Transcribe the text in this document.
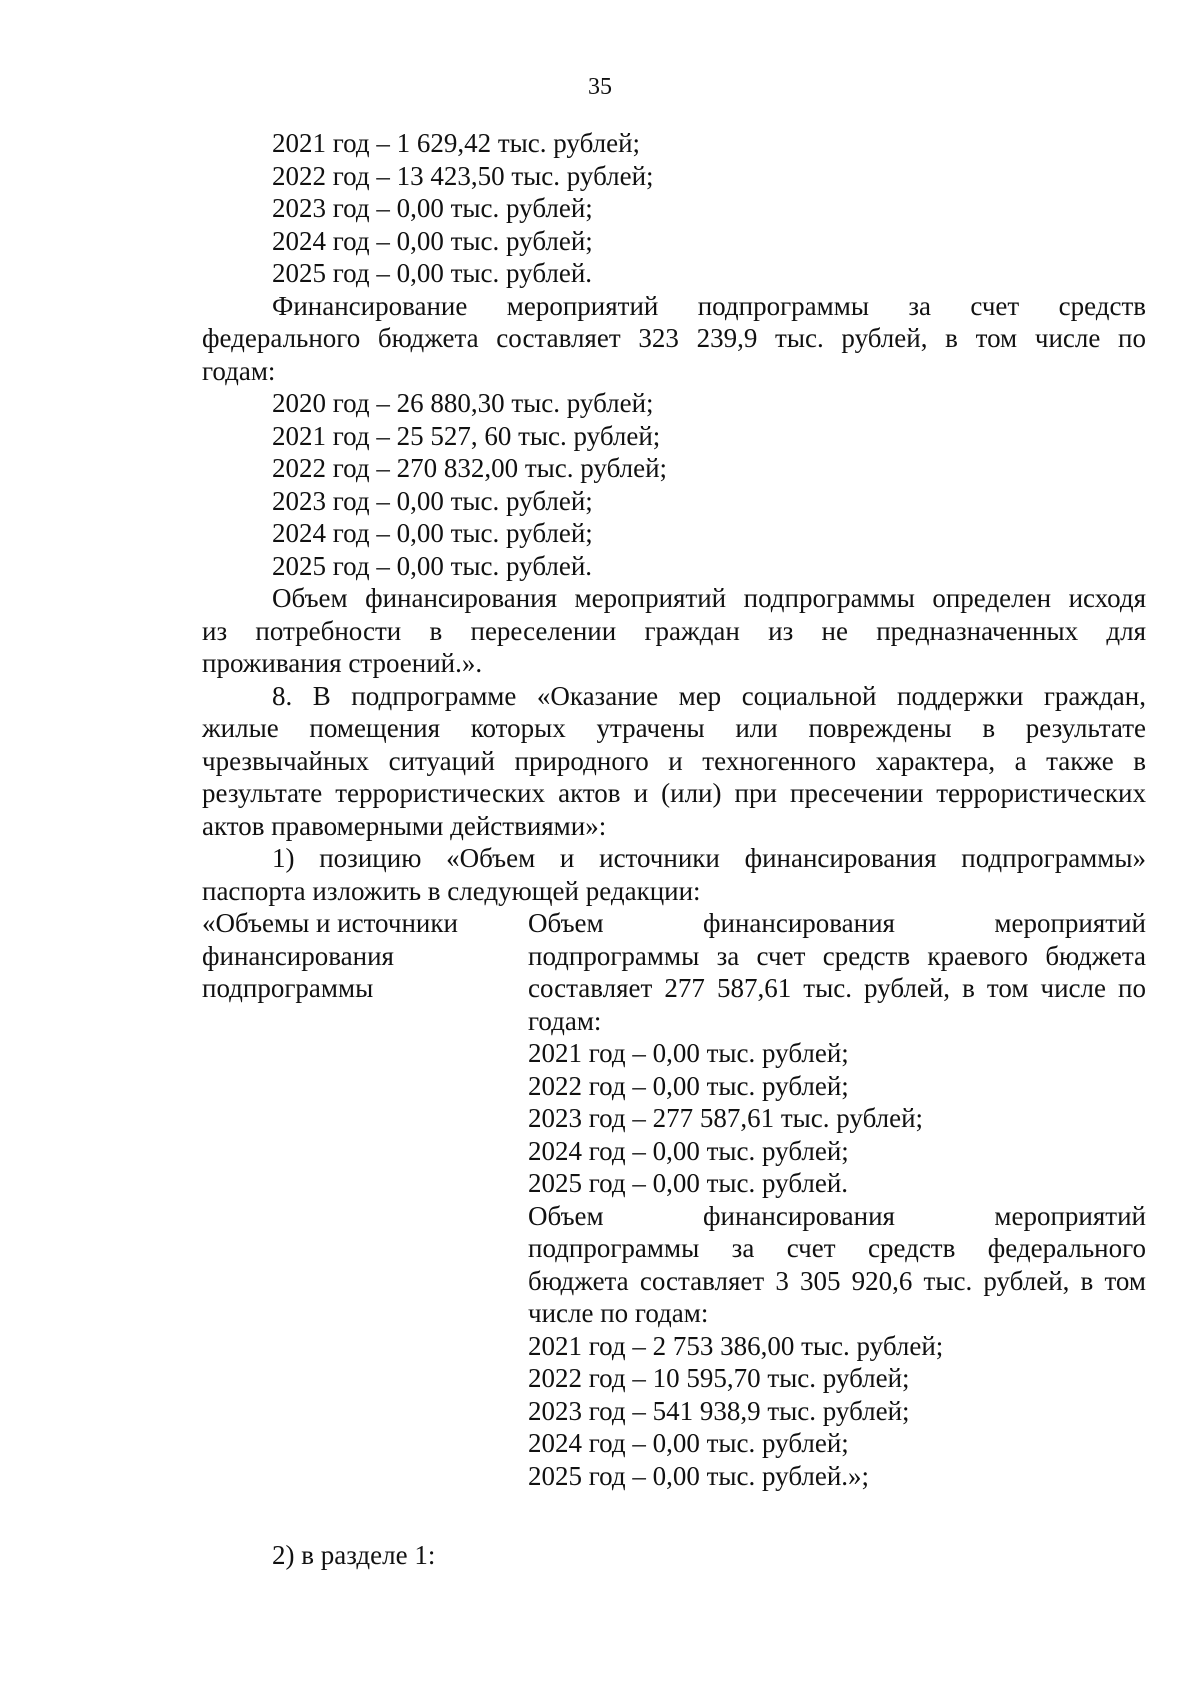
35
2021 год – 1 629,42 тыс. рублей;
2022 год – 13 423,50 тыс. рублей;
2023 год – 0,00 тыс. рублей;
2024 год – 0,00 тыс. рублей;
2025 год – 0,00 тыс. рублей.
Финансирование мероприятий подпрограммы за счет средств
федерального бюджета составляет 323 239,9 тыс. рублей, в том числе по
годам:
2020 год – 26 880,30 тыс. рублей;
2021 год – 25 527, 60 тыс. рублей;
2022 год – 270 832,00 тыс. рублей;
2023 год – 0,00 тыс. рублей;
2024 год – 0,00 тыс. рублей;
2025 год – 0,00 тыс. рублей.
Объем финансирования мероприятий подпрограммы определен исходя
из потребности в переселении граждан из не предназначенных для
проживания строений.».
8. В подпрограмме «Оказание мер социальной поддержки граждан,
жилые помещения которых утрачены или повреждены в результате
чрезвычайных ситуаций природного и техногенного характера, а также в
результате террористических актов и (или) при пресечении террористических
актов правомерными действиями»:
1) позицию «Объем и источники финансирования подпрограммы»
паспорта изложить в следующей редакции:
«Объемы и источники
финансирования
подпрограммы
Объем финансирования мероприятий
подпрограммы за счет средств краевого бюджета
составляет 277 587,61 тыс. рублей, в том числе по
годам:
2021 год – 0,00 тыс. рублей;
2022 год – 0,00 тыс. рублей;
2023 год – 277 587,61 тыс. рублей;
2024 год – 0,00 тыс. рублей;
2025 год – 0,00 тыс. рублей.
Объем финансирования мероприятий
подпрограммы за счет средств федерального
бюджета составляет 3 305 920,6 тыс. рублей, в том
числе по годам:
2021 год – 2 753 386,00 тыс. рублей;
2022 год – 10 595,70 тыс. рублей;
2023 год – 541 938,9 тыс. рублей;
2024 год – 0,00 тыс. рублей;
2025 год – 0,00 тыс. рублей.»;
2) в разделе 1:
